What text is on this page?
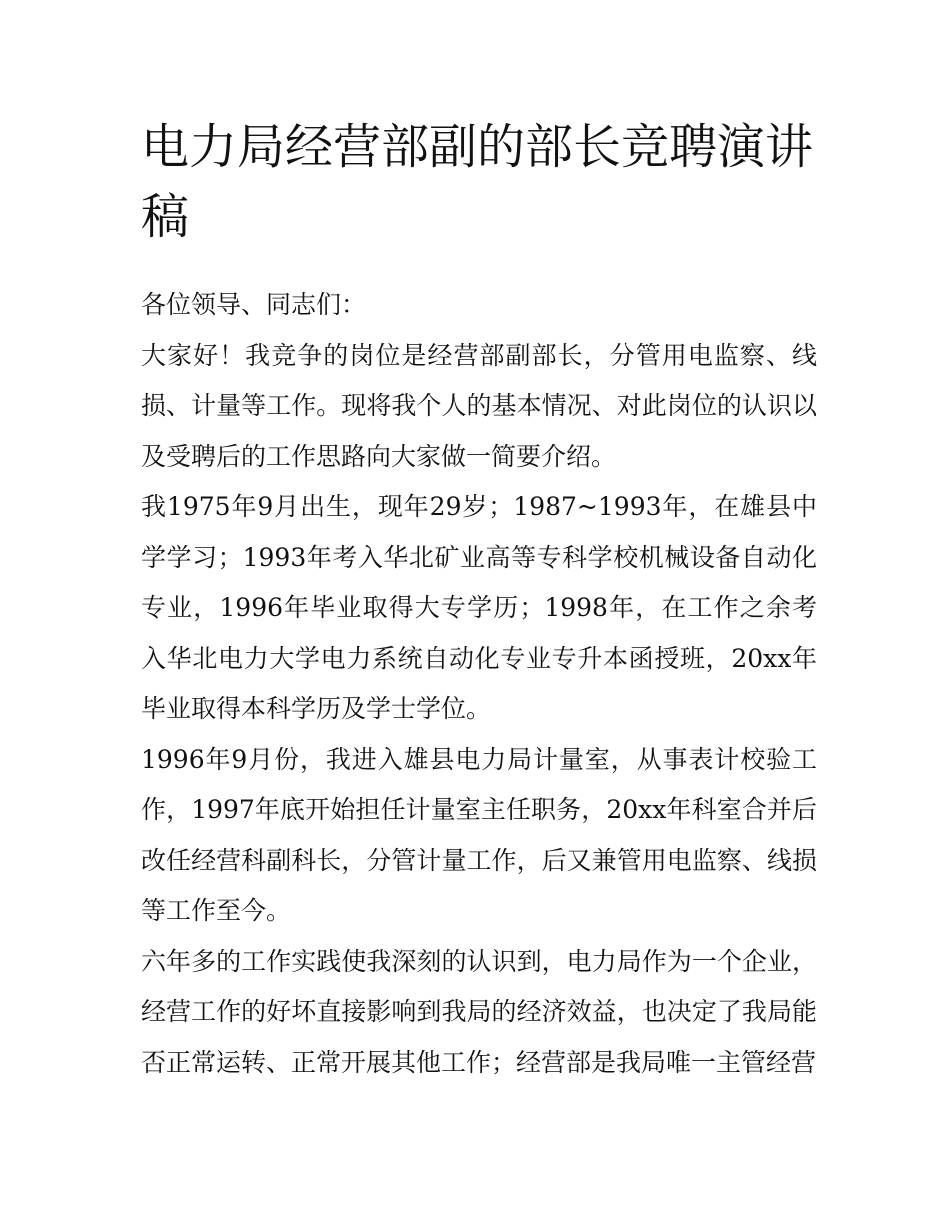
电力局经营部副的部长竞聘演讲稿

各位领导、同志们：

大家好！我竞争的岗位是经营部副部长，分管用电监察、线损、计量等工作。现将我个人的基本情况、对此岗位的认识以及受聘后的工作思路向大家做一简要介绍。

我1975年9月出生，现年29岁；1987~1993年，在雄县中学学习；1993年考入华北矿业高等专科学校机械设备自动化专业，1996年毕业取得大专学历；1998年，在工作之余考入华北电力大学电力系统自动化专业专升本函授班，20xx年毕业取得本科学历及学士学位。

1996年9月份，我进入雄县电力局计量室，从事表计校验工作，1997年底开始担任计量室主任职务，20xx年科室合并后改任经营科副科长，分管计量工作，后又兼管用电监察、线损等工作至今。

六年多的工作实践使我深刻的认识到，电力局作为一个企业，经营工作的好坏直接影响到我局的经济效益，也决定了我局能否正常运转、正常开展其他工作；经营部是我局唯一主管经营
